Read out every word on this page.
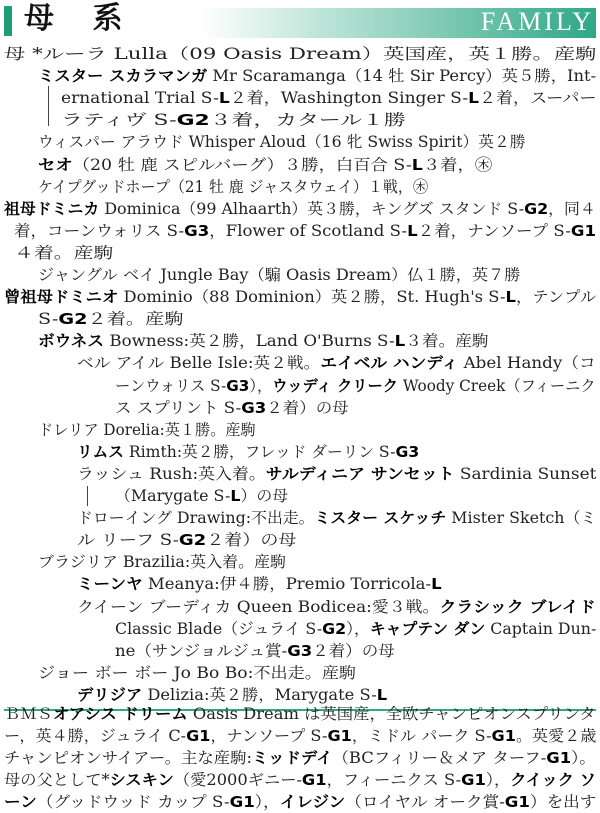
母 系	FAMILY
母 *ルーラ Lulla（09 Oasis Dream）英国産，英１勝。産駒
ミスター スカラマンガ Mr Scaramanga（14 牡 Sir Percy）英５勝，Int-
ernational Trial S-L２着，Washington Singer S-L２着，スーパー
ラティヴ S-G2３着，カタール１勝
ウィスパー アラウド Whisper Aloud（16 牝 Swiss Spirit）英２勝
セオ（20 牡 鹿 スピルバーグ）３勝，白百合 S-L３着，㊍
ケイプグッドホープ（21 牡 鹿 ジャスタウェイ）１戦，㊍
祖母ドミニカ Dominica（99 Alhaarth）英３勝，キングズ スタンド S-G2，同４
着，コーンウォリス S-G3，Flower of Scotland S-L２着，ナンソープ S-G1
４着。産駒
ジャングル ベイ Jungle Bay（騸 Oasis Dream）仏１勝，英７勝
曾祖母ドミニオ Dominio（88 Dominion）英２勝，St. Hugh's S-L，テンプル
S-G2２着。産駒
ボウネス Bowness:英２勝，Land O'Burns S-L３着。産駒
ベル アイル Belle Isle:英２戦。エイベル ハンディ Abel Handy（コ
ーンウォリス S-G3），ウッディ クリーク Woody Creek（フィーニク
ス スプリント S-G3２着）の母
ドレリア Dorelia:英１勝。産駒
リムス Rimth:英２勝，フレッド ダーリン S-G3
ラッシュ Rush:英入着。サルディニア サンセット Sardinia Sunset
（Marygate S-L）の母
ドローイング Drawing:不出走。ミスター スケッチ Mister Sketch（ミ
ル リーフ S-G2２着）の母
ブラジリア Brazilia:英入着。産駒
ミーンヤ Meanya:伊４勝，Premio Torricola-L
クイーン ブーディカ Queen Bodicea:愛３戦。クラシック ブレイド
Classic Blade（ジュライ S-G2），キャプテン ダン Captain Dun-
ne（サンジョルジュ賞-G3２着）の母
ジョー ボー ボー Jo Bo Bo:不出走。産駒
デリジア Delizia:英２勝，Marygate S-L
ＢＭＳオアシス ドリーム Oasis Dream は英国産，全欧チャンピオンスプリンタ
ー，英４勝，ジュライ C-G1，ナンソープ S-G1，ミドル パーク S-G1。英愛２歳
チャンピオンサイアー。主な産駒:ミッドデイ（BCフィリー＆メア ターフ-G1）。
母の父として*シスキン（愛2000ギニー-G1，フィーニクス S-G1），クイック ソ
ーン（グッドウッド カップ S-G1），イレジン（ロイヤル オーク賞-G1）を出す
